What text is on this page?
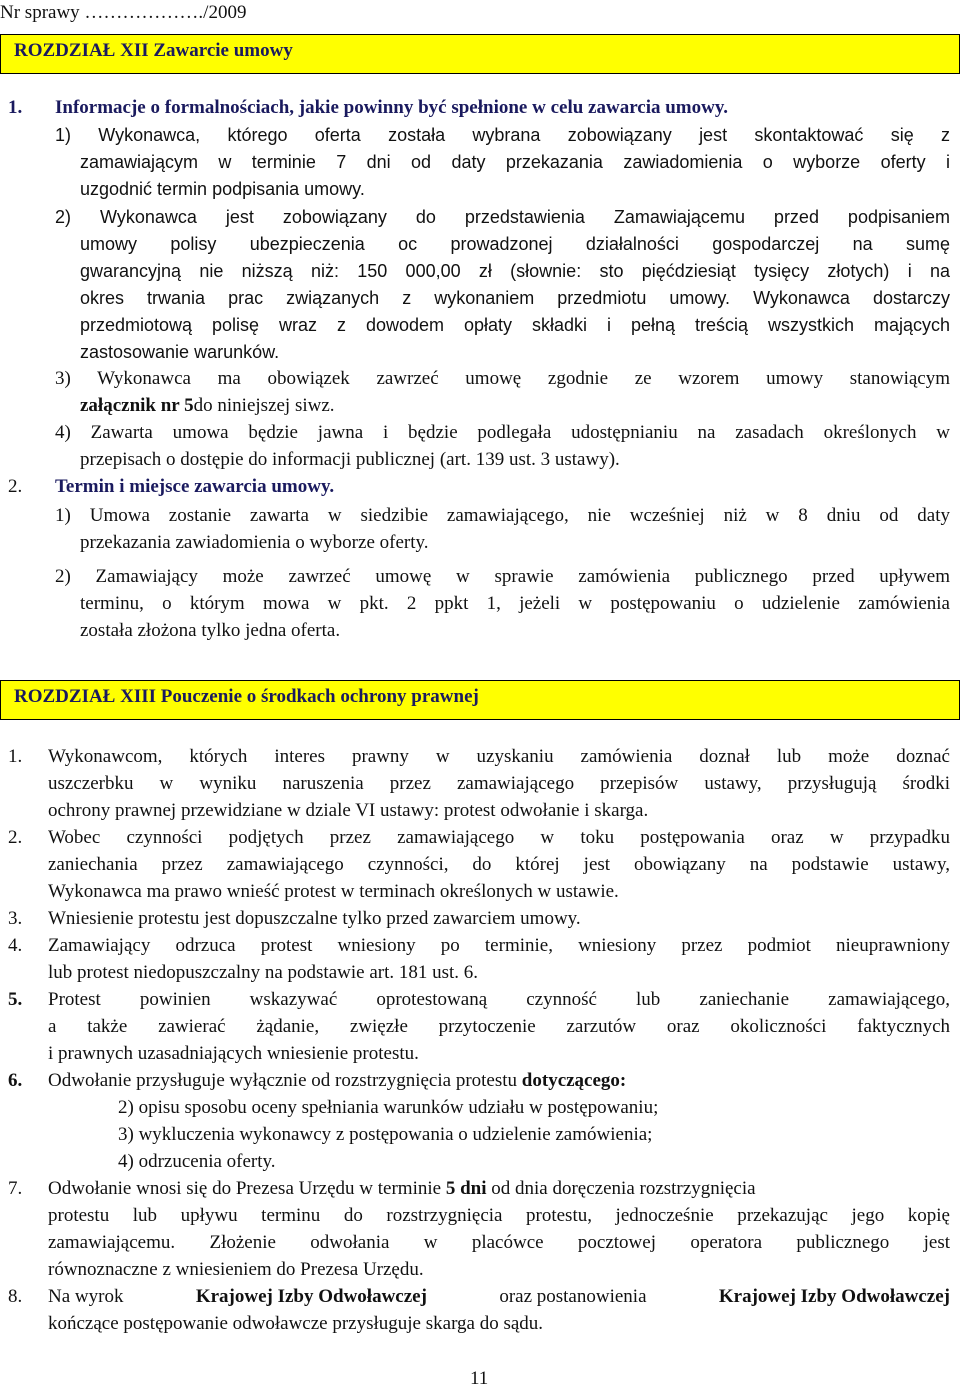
Nr sprawy ………………./2009
ROZDZIAŁ XII Zawarcie umowy
1. Informacje o formalnościach, jakie powinny być spełnione w celu zawarcia umowy.
1) Wykonawca, którego oferta została wybrana zobowiązany jest skontaktować się z
zamawiającym w terminie 7 dni od daty przekazania zawiadomienia o wyborze oferty i
uzgodnić termin podpisania umowy.
2) Wykonawca jest zobowiązany do przedstawienia Zamawiającemu przed podpisaniem
umowy polisy ubezpieczenia oc prowadzonej działalności gospodarczej na sumę
gwarancyjną nie niższą niż: 150 000,00 zł (słownie: sto pięćdziesiąt tysięcy złotych) i na
okres trwania prac związanych z wykonaniem przedmiotu umowy. Wykonawca dostarczy
przedmiotową polisę wraz z dowodem opłaty składki i pełną treścią wszystkich mających
zastosowanie warunków.
3) Wykonawca ma obowiązek zawrzeć umowę zgodnie ze wzorem umowy stanowiącym
załącznik nr 5do niniejszej siwz.
4) Zawarta umowa będzie jawna i będzie podlegała udostępnianiu na zasadach określonych w
przepisach o dostępie do informacji publicznej (art. 139 ust. 3 ustawy).
2. Termin i miejsce zawarcia umowy.
1) Umowa zostanie zawarta w siedzibie zamawiającego, nie wcześniej niż w 8 dniu od daty
przekazania zawiadomienia o wyborze oferty.
2) Zamawiający może zawrzeć umowę w sprawie zamówienia publicznego przed upływem
terminu, o którym mowa w pkt. 2 ppkt 1, jeżeli w postępowaniu o udzielenie zamówienia
została złożona tylko jedna oferta.
ROZDZIAŁ XIII Pouczenie o środkach ochrony prawnej
1. Wykonawcom, których interes prawny w uzyskaniu zamówienia doznał lub może doznać
uszczerbku w wyniku naruszenia przez zamawiającego przepisów ustawy, przysługują środki
ochrony prawnej przewidziane w dziale VI ustawy: protest odwołanie i skarga.
2. Wobec czynności podjętych przez zamawiającego w toku postępowania oraz w przypadku
zaniechania przez zamawiającego czynności, do której jest obowiązany na podstawie ustawy,
Wykonawca ma prawo wnieść protest w terminach określonych w ustawie.
3. Wniesienie protestu jest dopuszczalne tylko przed zawarciem umowy.
4. Zamawiający odrzuca protest wniesiony po terminie, wniesiony przez podmiot nieuprawniony
lub protest niedopuszczalny na podstawie art. 181 ust. 6.
5. Protest powinien wskazywać oprotestowaną czynność lub zaniechanie zamawiającego,
a także zawierać żądanie, zwięzłe przytoczenie zarzutów oraz okoliczności faktycznych
i prawnych uzasadniających wniesienie protestu.
6. Odwołanie przysługuje wyłącznie od rozstrzygnięcia protestu dotyczącego:
2) opisu sposobu oceny spełniania warunków udziału w postępowaniu;
3) wykluczenia wykonawcy z postępowania o udzielenie zamówienia;
4) odrzucenia oferty.
7. Odwołanie wnosi się do Prezesa Urzędu w terminie 5 dni od dnia doręczenia rozstrzygnięcia
protestu lub upływu terminu do rozstrzygnięcia protestu, jednocześnie przekazując jego kopię
zamawiającemu. Złożenie odwołania w placówce pocztowej operatora publicznego jest
równoznaczne z wniesieniem do Prezesa Urzędu.
8. Na wyrok	Krajowej Izby Odwoławczej	oraz postanowienia	Krajowej Izby Odwoławczej
kończące postępowanie odwoławcze przysługuje skarga do sądu.
11
